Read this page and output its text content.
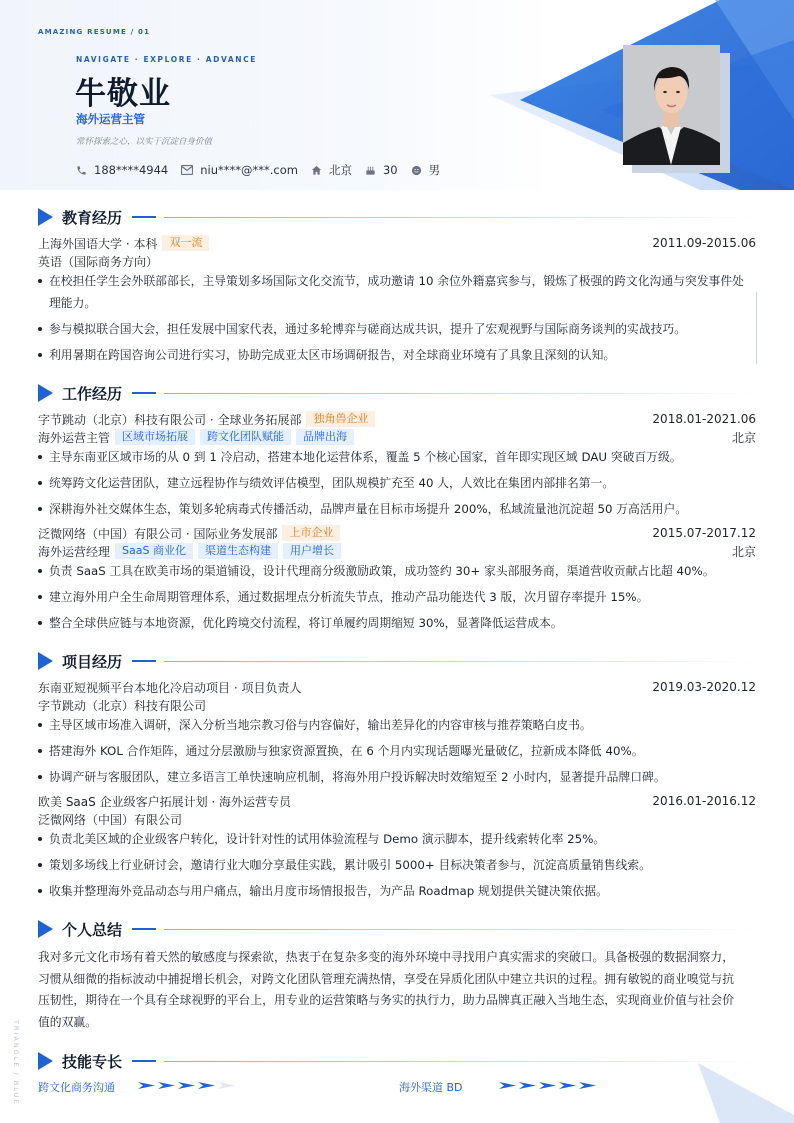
AMAZING RESUME / 01
NAVIGATE · EXPLORE · ADVANCE
牛敬业
海外运营主管
常怀探索之心，以实干沉淀自身价值
188****4944	niu****@***.com	北京	30	男
教育经历
上海外国语大学 · 本科	双一流	2011.09-2015.06
英语（国际商务方向）
在校担任学生会外联部部长，主导策划多场国际文化交流节，成功邀请 10 余位外籍嘉宾参与，锻炼了极强的跨文化沟通与突发事件处
理能力。
参与模拟联合国大会，担任发展中国家代表，通过多轮博弈与磋商达成共识，提升了宏观视野与国际商务谈判的实战技巧。
利用暑期在跨国咨询公司进行实习，协助完成亚太区市场调研报告，对全球商业环境有了具象且深刻的认知。
工作经历
字节跳动（北京）科技有限公司 · 全球业务拓展部	独角兽企业	2018.01-2021.06
海外运营主管	区域市场拓展	跨文化团队赋能	品牌出海	北京
主导东南亚区域市场的从 0 到 1 冷启动，搭建本地化运营体系，覆盖 5 个核心国家，首年即实现区域 DAU 突破百万级。
统筹跨文化运营团队，建立远程协作与绩效评估模型，团队规模扩充至 40 人，人效比在集团内部排名第一。
深耕海外社交媒体生态，策划多轮病毒式传播活动，品牌声量在目标市场提升 200%，私域流量池沉淀超 50 万高活用户。
泛微网络（中国）有限公司 · 国际业务发展部	上市企业	2015.07-2017.12
海外运营经理	SaaS 商业化	渠道生态构建	用户增长	北京
负责 SaaS 工具在欧美市场的渠道铺设，设计代理商分级激励政策，成功签约 30+ 家头部服务商，渠道营收贡献占比超 40%。
建立海外用户全生命周期管理体系，通过数据埋点分析流失节点，推动产品功能迭代 3 版，次月留存率提升 15%。
整合全球供应链与本地资源，优化跨境交付流程，将订单履约周期缩短 30%，显著降低运营成本。
项目经历
东南亚短视频平台本地化冷启动项目 · 项目负责人	2019.03-2020.12
字节跳动（北京）科技有限公司
主导区域市场准入调研，深入分析当地宗教习俗与内容偏好，输出差异化的内容审核与推荐策略白皮书。
搭建海外 KOL 合作矩阵，通过分层激励与独家资源置换，在 6 个月内实现话题曝光量破亿，拉新成本降低 40%。
协调产研与客服团队，建立多语言工单快速响应机制，将海外用户投诉解决时效缩短至 2 小时内，显著提升品牌口碑。
欧美 SaaS 企业级客户拓展计划 · 海外运营专员	2016.01-2016.12
泛微网络（中国）有限公司
负责北美区域的企业级客户转化，设计针对性的试用体验流程与 Demo 演示脚本，提升线索转化率 25%。
策划多场线上行业研讨会，邀请行业大咖分享最佳实践，累计吸引 5000+ 目标决策者参与，沉淀高质量销售线索。
收集并整理海外竞品动态与用户痛点，输出月度市场情报报告，为产品 Roadmap 规划提供关键决策依据。
个人总结
我对多元文化市场有着天然的敏感度与探索欲，热衷于在复杂多变的海外环境中寻找用户真实需求的突破口。具备极强的数据洞察力，
习惯从细微的指标波动中捕捉增长机会，对跨文化团队管理充满热情，享受在异质化团队中建立共识的过程。拥有敏锐的商业嗅觉与抗
压韧性，期待在一个具有全球视野的平台上，用专业的运营策略与务实的执行力，助力品牌真正融入当地生态，实现商业价值与社会价
值的双赢。
技能专长
跨文化商务沟通	海外渠道 BD
TRIANGLE / BLUE
